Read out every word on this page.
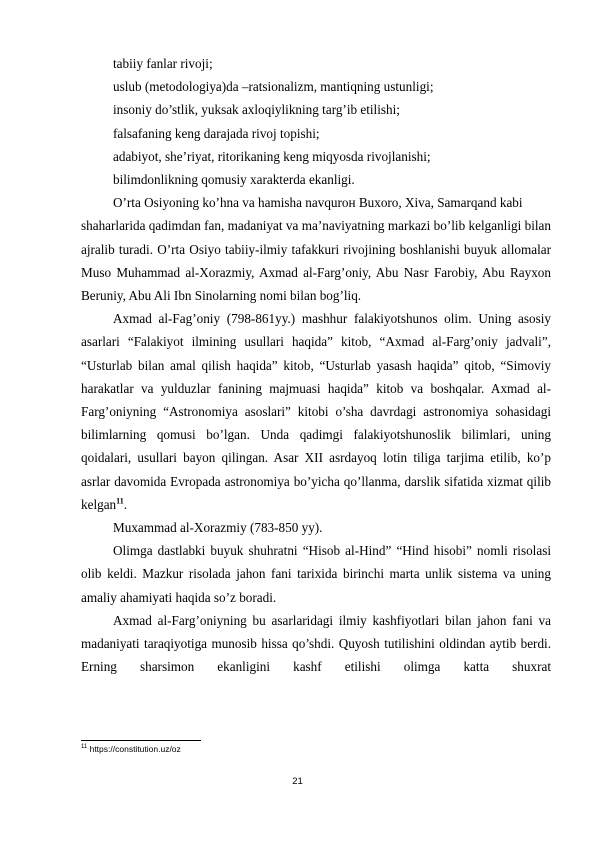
tabiiy fanlar rivoji;
uslub (metodologiya)da –ratsionalizm, mantiqning ustunligi;
insoniy do’stlik, yuksak axloqiylikning targ’ib etilishi;
falsafaning keng darajada rivoj topishi;
adabiyot, she’riyat, ritorikaning keng miqyosda rivojlanishi;
bilimdonlikning qomusiy xarakterda ekanligi.
O’rta Osiyoning ko’hna va hamisha navqurон Buxoro, Xiva, Samarqand kabi

shaharlarida qadimdan fan, madaniyat va ma’naviyatning markazi bo’lib kelganligi bilan ajralib turadi. O’rta Osiyo tabiiy-ilmiy tafakkuri rivojining boshlanishi buyuk allomalar Muso Muhammad al-Xorazmiy, Axmad al-Farg’oniy, Abu Nasr Farobiy, Abu Rayxon Beruniy, Abu Ali Ibn Sinolarning nomi bilan bog’liq.

Axmad al-Fag’oniy (798-861yy.) mashhur falakiyotshunos olim. Uning asosiy asarlari “Falakiyot ilmining usullari haqida” kitob, “Axmad al-Farg’oniy jadvali”, “Usturlab bilan amal qilish haqida” kitob, “Usturlab yasash haqida” qitob, “Simoviy harakatlar va yulduzlar fanining majmuasi haqida” kitob va boshqalar. Axmad al-Farg’oniyning “Astronomiya asoslari” kitobi o’sha davrdagi astronomiya sohasidagi bilimlarning qomusi bo’lgan. Unda qadimgi falakiyotshunoslik bilimlari, uning qoidalari, usullari bayon qilingan. Asar XII asrdayoq lotin tiliga tarjima etilib, ko’p asrlar davomida Evropada astronomiya bo’yicha qo’llanma, darslik sifatida xizmat qilib kelgan$^{11}$.

Muxammad al-Xorazmiy (783-850 yy).

Olimga dastlabki buyuk shuhratni “Hisob al-Hind” “Hind hisobi” nomli risolasi olib keldi. Mazkur risolada jahon fani tarixida birinchi marta unlik sistema va uning amaliy ahamiyati haqida so’z boradi.

Axmad al-Farg’oniyning bu asarlaridagi ilmiy kashfiyotlari bilan jahon fani va madaniyati taraqiyotiga munosib hissa qo’shdi. Quyosh tutilishini oldindan aytib berdi. Erning sharsimon ekanligini kashf etilishi olimga katta shuxrat

$^{11}$ https://constitution.uz/oz
21
